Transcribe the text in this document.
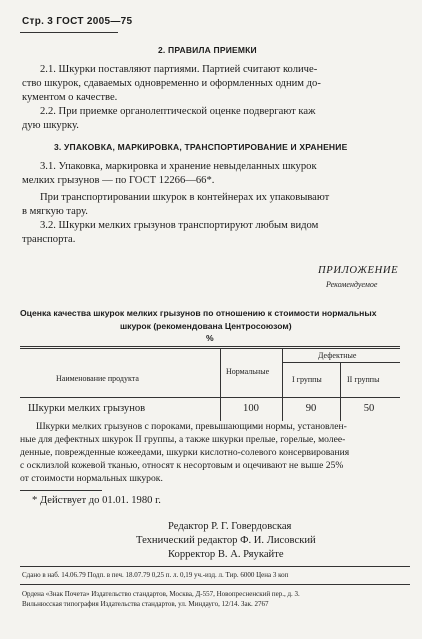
Стр. 3 ГОСТ 2005—75
2. ПРАВИЛА ПРИЕМКИ
2.1. Шкурки поставляют партиями. Партией считают количе-
ство шкурок, сдаваемых одновременно и оформленных одним до-
кументом о качестве.
2.2. При приемке органолептической оценке подвергают каж
дую шкурку.
3. УПАКОВКА, МАРКИРОВКА, ТРАНСПОРТИРОВАНИЕ И ХРАНЕНИЕ
3.1. Упаковка, маркировка и хранение невыделанных шкурок
мелких грызунов — по ГОСТ 12266—66*.
При транспортировании шкурок в контейнерах их упаковывают
в мягкую тару.
3.2. Шкурки мелких грызунов транспортируют любым видом
транспорта.
ПРИЛОЖЕНИЕ
Рекомендуемое
Оценка качества шкурок мелких грызунов по отношению к стоимости нормальных
шкурок (рекомендована Центросоюзом)
%
Наименование продукта
Нормальные
Дефектные
I группы	II группы
Шкурки мелких грызунов	100	90	50
Шкурки мелких грызунов с пороками, превышающими нормы, установлен-
ные для дефектных шкурок II группы, а также шкурки прелые, горелые, молее-
денные, поврежденные кожеедами, шкурки кислотно-солевого консервирования
с осклизлой кожевой тканью, относят к несортовым и оцечивают не выше 25%
от стоимости нормальных шкурок.
* Действует до 01.01. 1980 г.
Редактор Р. Г. Говердовская
Технический редактор Ф. И. Лисовский
Корректор В. А. Ряукайте
Сдано в наб. 14.06.79 Подп. в печ. 18.07.79 0,25 п. л. 0,19 уч.-изд. л. Тир. 6000 Цена 3 коп
Ордена «Знак Почета» Издательство стандартов, Москва, Д-557, Новопресненский пер., д. 3.
Вильнюсская типография Издательства стандартов, ул. Миндауго, 12/14. Зак. 2767
